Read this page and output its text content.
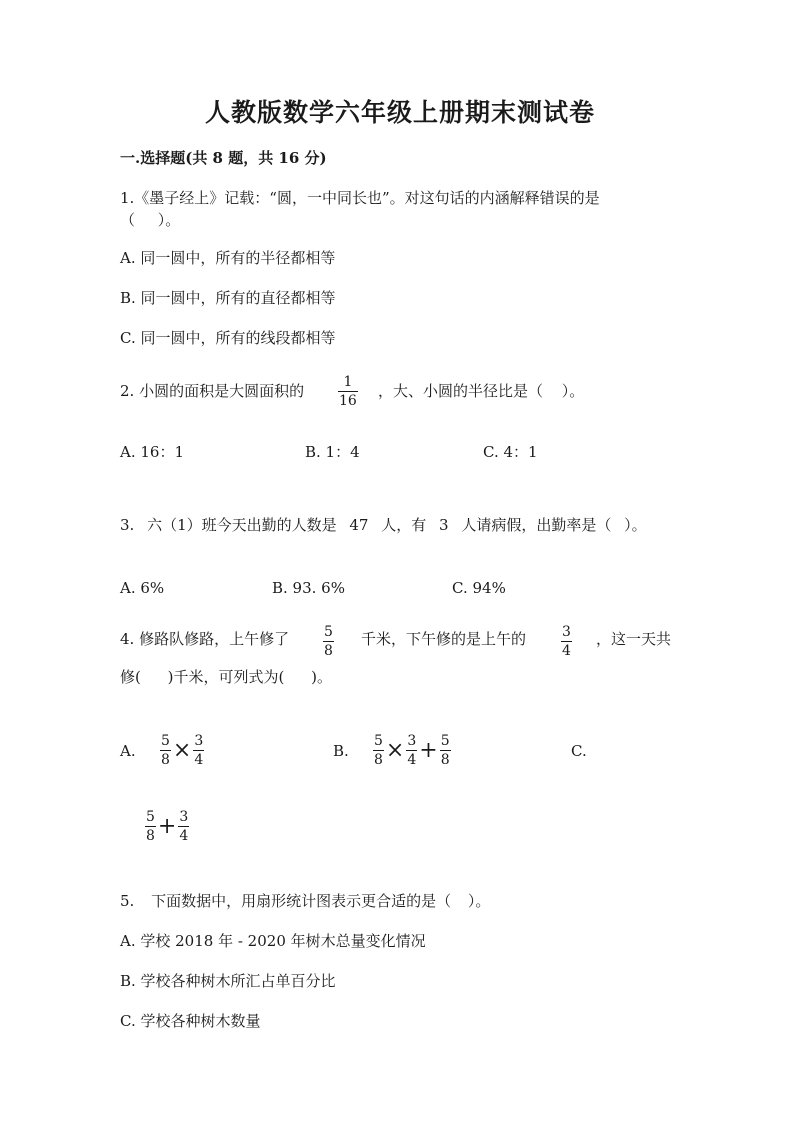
人教版数学六年级上册期末测试卷
一.选择题(共 8 题，共 16 分)
1.《墨子经上》记载：“圆，一中同长也”。对这句话的内涵解释错误的是
（ ）。
A. 同一圆中，所有的半径都相等
B. 同一圆中，所有的直径都相等
C. 同一圆中，所有的线段都相等
2. 小圆的面积是大圆面积的	1
16
，大、小圆的半径比是（ ）。
A. 16：1	B. 1：4	C. 4：1
3. 六（1）班今天出勤的人数是 47 人，有 3 人请病假，出勤率是（ ）。
A. 6%	B. 93. 6%	C. 94%
4. 修路队修路，上午修了 5
8
千米，下午修的是上午的	3
4
，这一天共
修( )千米，可列式为( )。
A. $\frac{5}{8} \times \frac{3}{4}$	B. $\frac{5}{8} \times \frac{3}{4} + \frac{5}{8}$	C.
$\frac{5}{8} + \frac{3}{4}$
5. 下面数据中，用扇形统计图表示更合适的是（ ）。
A. 学校 2018 年 - 2020 年树木总量变化情况
B. 学校各种树木所汇占单百分比
C. 学校各种树木数量
